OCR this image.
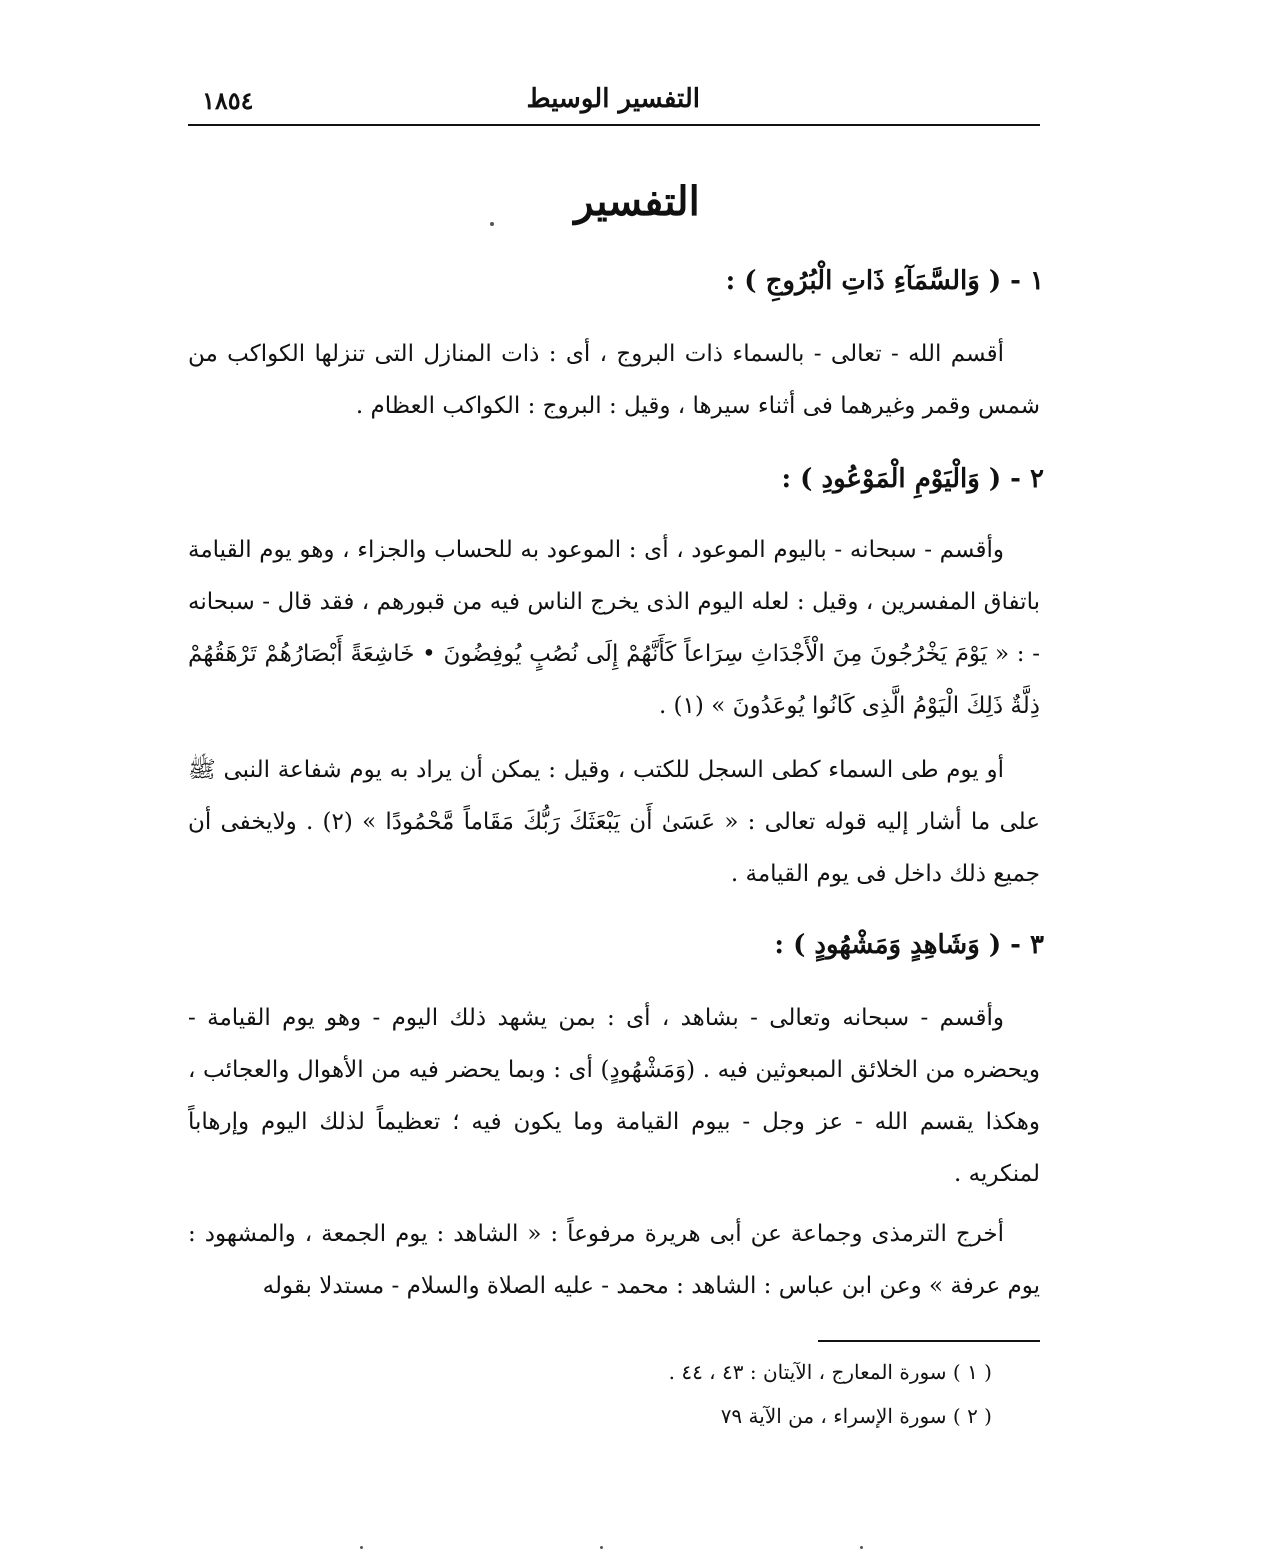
التفسير الوسيط
١٨٥٤
التفسير
١ - ( وَالسَّمَآءِ ذَاتِ الْبُرُوجِ ) :
أقسم الله - تعالى - بالسماء ذات البروج ، أى : ذات المنازل التى تنزلها الكواكب من شمس وقمر وغيرهما فى أثناء سيرها ، وقيل : البروج : الكواكب العظام .
٢ - ( وَالْيَوْمِ الْمَوْعُودِ ) :
وأقسم - سبحانه - باليوم الموعود ، أى : الموعود به للحساب والجزاء ، وهو يوم القيامة باتفاق المفسرين ، وقيل : لعله اليوم الذى يخرج الناس فيه من قبورهم ، فقد قال - سبحانه - : « يَوْمَ يَخْرُجُونَ مِنَ الْأَجْدَاثِ سِرَاعاً كَأَنَّهُمْ إِلَى نُصُبٍ يُوفِضُونَ • خَاشِعَةً أَبْصَارُهُمْ تَرْهَقُهُمْ ذِلَّةٌ ذَلِكَ الْيَوْمُ الَّذِى كَانُوا يُوعَدُونَ » (١) .
أو يوم طى السماء كطى السجل للكتب ، وقيل : يمكن أن يراد به يوم شفاعة النبى ﷺ على ما أشار إليه قوله تعالى : « عَسَىٰ أَن يَبْعَثَكَ رَبُّكَ مَقَاماً مَّحْمُودًا » (٢) . ولايخفى أن جميع ذلك داخل فى يوم القيامة .
٣ - ( وَشَاهِدٍ وَمَشْهُودٍ ) :
وأقسم - سبحانه وتعالى - بشاهد ، أى : بمن يشهد ذلك اليوم - وهو يوم القيامة - ويحضره من الخلائق المبعوثين فيه . (وَمَشْهُودٍ) أى : وبما يحضر فيه من الأهوال والعجائب ، وهكذا يقسم الله - عز وجل - بيوم القيامة وما يكون فيه ؛ تعظيماً لذلك اليوم وإرهاباً لمنكريه .
أخرج الترمذى وجماعة عن أبى هريرة مرفوعاً : « الشاهد : يوم الجمعة ، والمشهود : يوم عرفة » وعن ابن عباس : الشاهد : محمد - عليه الصلاة والسلام - مستدلا بقوله
( ١ ) سورة المعارج ، الآيتان : ٤٣ ، ٤٤ .
( ٢ ) سورة الإسراء ، من الآية ٧٩
